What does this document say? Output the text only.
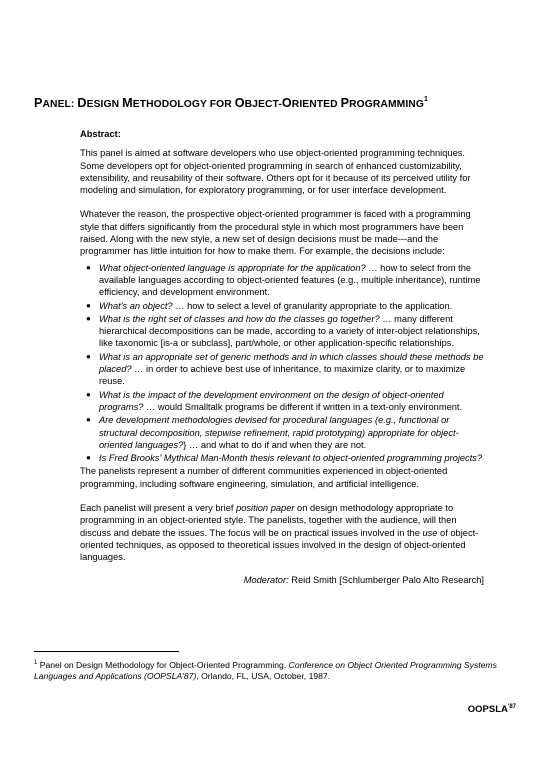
PANEL: DESIGN METHODOLOGY FOR OBJECT-ORIENTED PROGRAMMING$^1$
Abstract:

This panel is aimed at software developers who use object-oriented programming techniques. Some developers opt for object-oriented programming in search of enhanced customizability, extensibility, and reusability of their software. Others opt for it because of its perceived utility for modeling and simulation, for exploratory programming, or for user interface development.

Whatever the reason, the prospective object-oriented programmer is faced with a programming style that differs significantly from the procedural style in which most programmers have been raised. Along with the new style, a new set of design decisions must be made---and the programmer has little intuition for how to make them. For example, the decisions include:

● What object-oriented language is appropriate for the application? … how to select from the available languages according to object-oriented features (e.g., multiple inheritance), runtime efficiency, and development environment.
● What's an object? … how to select a level of granularity appropriate to the application.
● What is the right set of classes and how do the classes go together? … many different hierarchical decompositions can be made, according to a variety of inter-object relationships, like taxonomic [is-a or subclass], part/whole, or other application-specific relationships.
● What is an appropriate set of generic methods and in which classes should these methods be placed? … in order to achieve best use of inheritance, to maximize clarity, or to maximize reuse.
● What is the impact of the development environment on the design of object-oriented programs? … would Smalltalk programs be different if written in a text-only environment.
● Are development methodologies devised for procedural languages (e.g., functional or structural decomposition, stepwise refinement, rapid prototyping) appropriate for object-oriented languages?} … and what to do if and when they are not.
● Is Fred Brooks' Mythical Man-Month thesis relevant to object-oriented programming projects?

The panelists represent a number of different communities experienced in object-oriented programming, including software engineering, simulation, and artificial intelligence.

Each panelist will present a very brief position paper on design methodology appropriate to programming in an object-oriented style. The panelists, together with the audience, will then discuss and debate the issues. The focus will be on practical issues involved in the use of object-oriented techniques, as opposed to theoretical issues involved in the design of object-oriented languages.

Moderator: Reid Smith [Schlumberger Palo Alto Research]
$^1$ Panel on Design Methodology for Object-Oriented Programming. Conference on Object Oriented Programming Systems Languages and Applications (OOPSLA'87), Orlando, FL, USA, October, 1987.
$OOPSLA^{'87}$
